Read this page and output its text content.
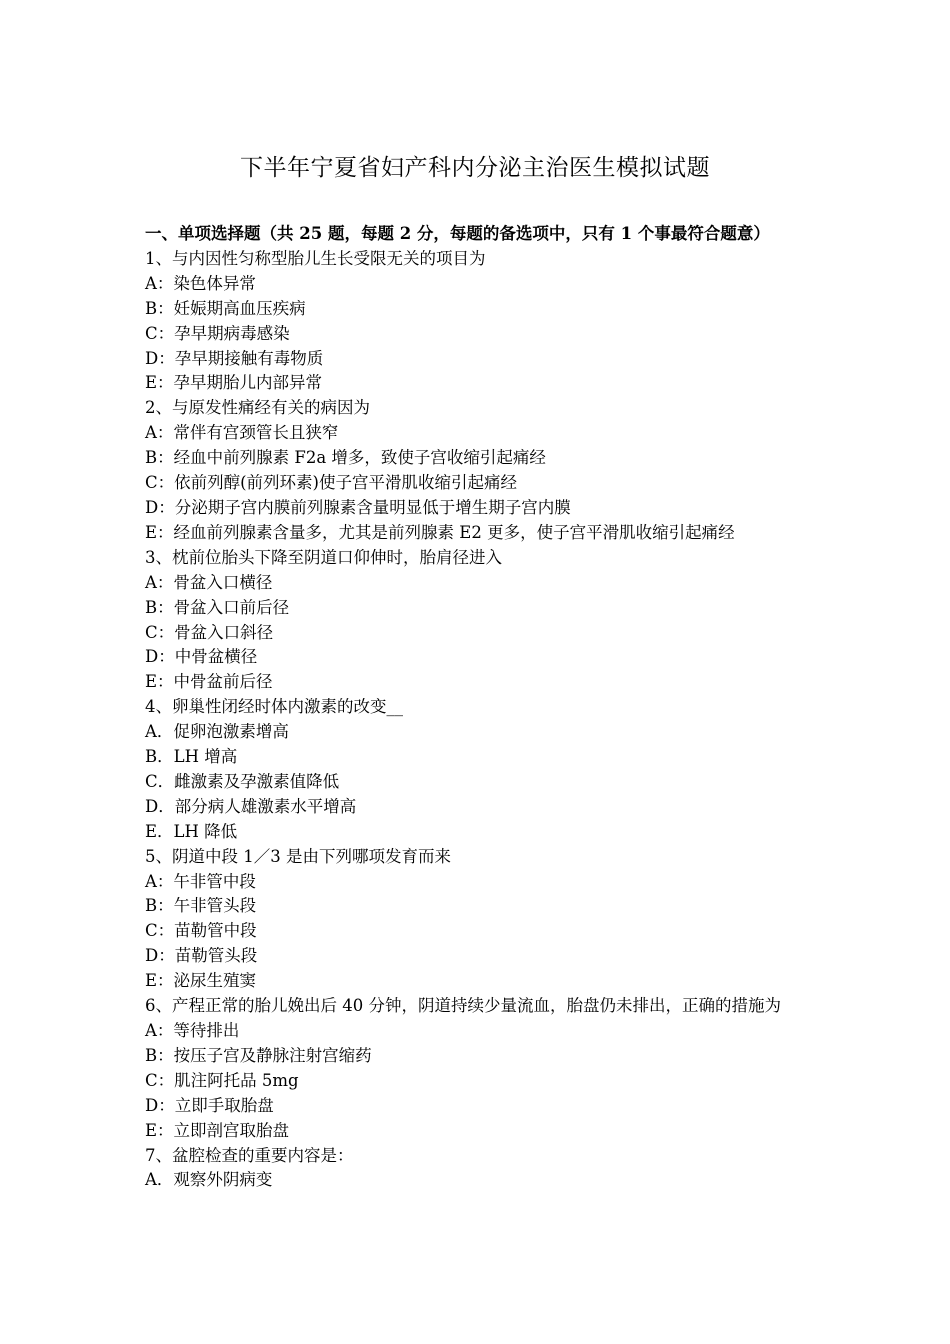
下半年宁夏省妇产科内分泌主治医生模拟试题
一、单项选择题（共 25 题，每题 2 分，每题的备选项中，只有 1 个事最符合题意）
1、与内因性匀称型胎儿生长受限无关的项目为
A：染色体异常
B：妊娠期高血压疾病
C：孕早期病毒感染
D：孕早期接触有毒物质
E：孕早期胎儿内部异常
2、与原发性痛经有关的病因为
A：常伴有宫颈管长且狭窄
B：经血中前列腺素 F2a 增多，致使子宫收缩引起痛经
C：依前列醇(前列环素)使子宫平滑肌收缩引起痛经
D：分泌期子宫内膜前列腺素含量明显低于增生期子宫内膜
E：经血前列腺素含量多，尤其是前列腺素 E2 更多，使子宫平滑肌收缩引起痛经
3、枕前位胎头下降至阴道口仰伸时，胎肩径进入
A：骨盆入口横径
B：骨盆入口前后径
C：骨盆入口斜径
D：中骨盆横径
E：中骨盆前后径
4、卵巢性闭经时体内激素的改变__
A．促卵泡激素增高
B．LH 增高
C．雌激素及孕激素值降低
D．部分病人雄激素水平增高
E．LH 降低
5、阴道中段 1／3 是由下列哪项发育而来
A：午非管中段
B：午非管头段
C：苗勒管中段
D：苗勒管头段
E：泌尿生殖窦
6、产程正常的胎儿娩出后 40 分钟，阴道持续少量流血，胎盘仍未排出，正确的措施为
A：等待排出
B：按压子宫及静脉注射宫缩药
C：肌注阿托品 5mg
D：立即手取胎盘
E：立即剖宫取胎盘
7、盆腔检查的重要内容是：
A．观察外阴病变
